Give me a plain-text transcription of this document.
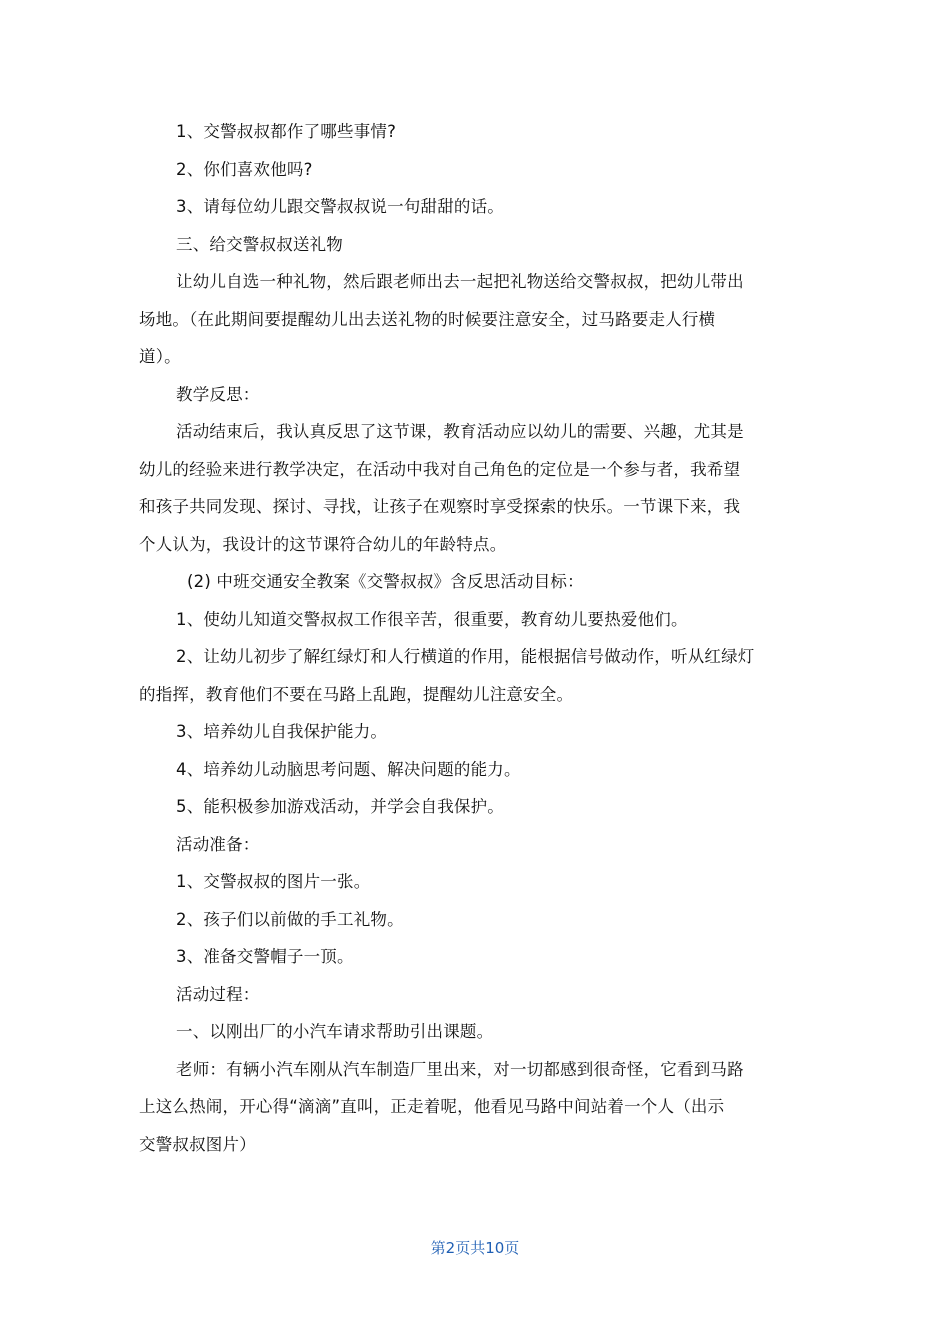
1、交警叔叔都作了哪些事情?
2、你们喜欢他吗?
3、请每位幼儿跟交警叔叔说一句甜甜的话。
三、给交警叔叔送礼物
让幼儿自选一种礼物，然后跟老师出去一起把礼物送给交警叔叔，把幼儿带出
场地。（在此期间要提醒幼儿出去送礼物的时候要注意安全，过马路要走人行横
道）。
教学反思：
活动结束后，我认真反思了这节课，教育活动应以幼儿的需要、兴趣，尤其是
幼儿的经验来进行教学决定，在活动中我对自己角色的定位是一个参与者，我希望
和孩子共同发现、探讨、寻找，让孩子在观察时享受探索的快乐。一节课下来，我
个人认为，我设计的这节课符合幼儿的年龄特点。
(2) 中班交通安全教案《交警叔叔》含反思活动目标：
1、使幼儿知道交警叔叔工作很辛苦，很重要，教育幼儿要热爱他们。
2、让幼儿初步了解红绿灯和人行横道的作用，能根据信号做动作，听从红绿灯
的指挥，教育他们不要在马路上乱跑，提醒幼儿注意安全。
3、培养幼儿自我保护能力。
4、培养幼儿动脑思考问题、解决问题的能力。
5、能积极参加游戏活动，并学会自我保护。
活动准备：
1、交警叔叔的图片一张。
2、孩子们以前做的手工礼物。
3、准备交警帽子一顶。
活动过程：
一、以刚出厂的小汽车请求帮助引出课题。
老师：有辆小汽车刚从汽车制造厂里出来，对一切都感到很奇怪，它看到马路
上这么热闹，开心得“滴滴”直叫，正走着呢，他看见马路中间站着一个人（出示
交警叔叔图片）
第2页共10页
